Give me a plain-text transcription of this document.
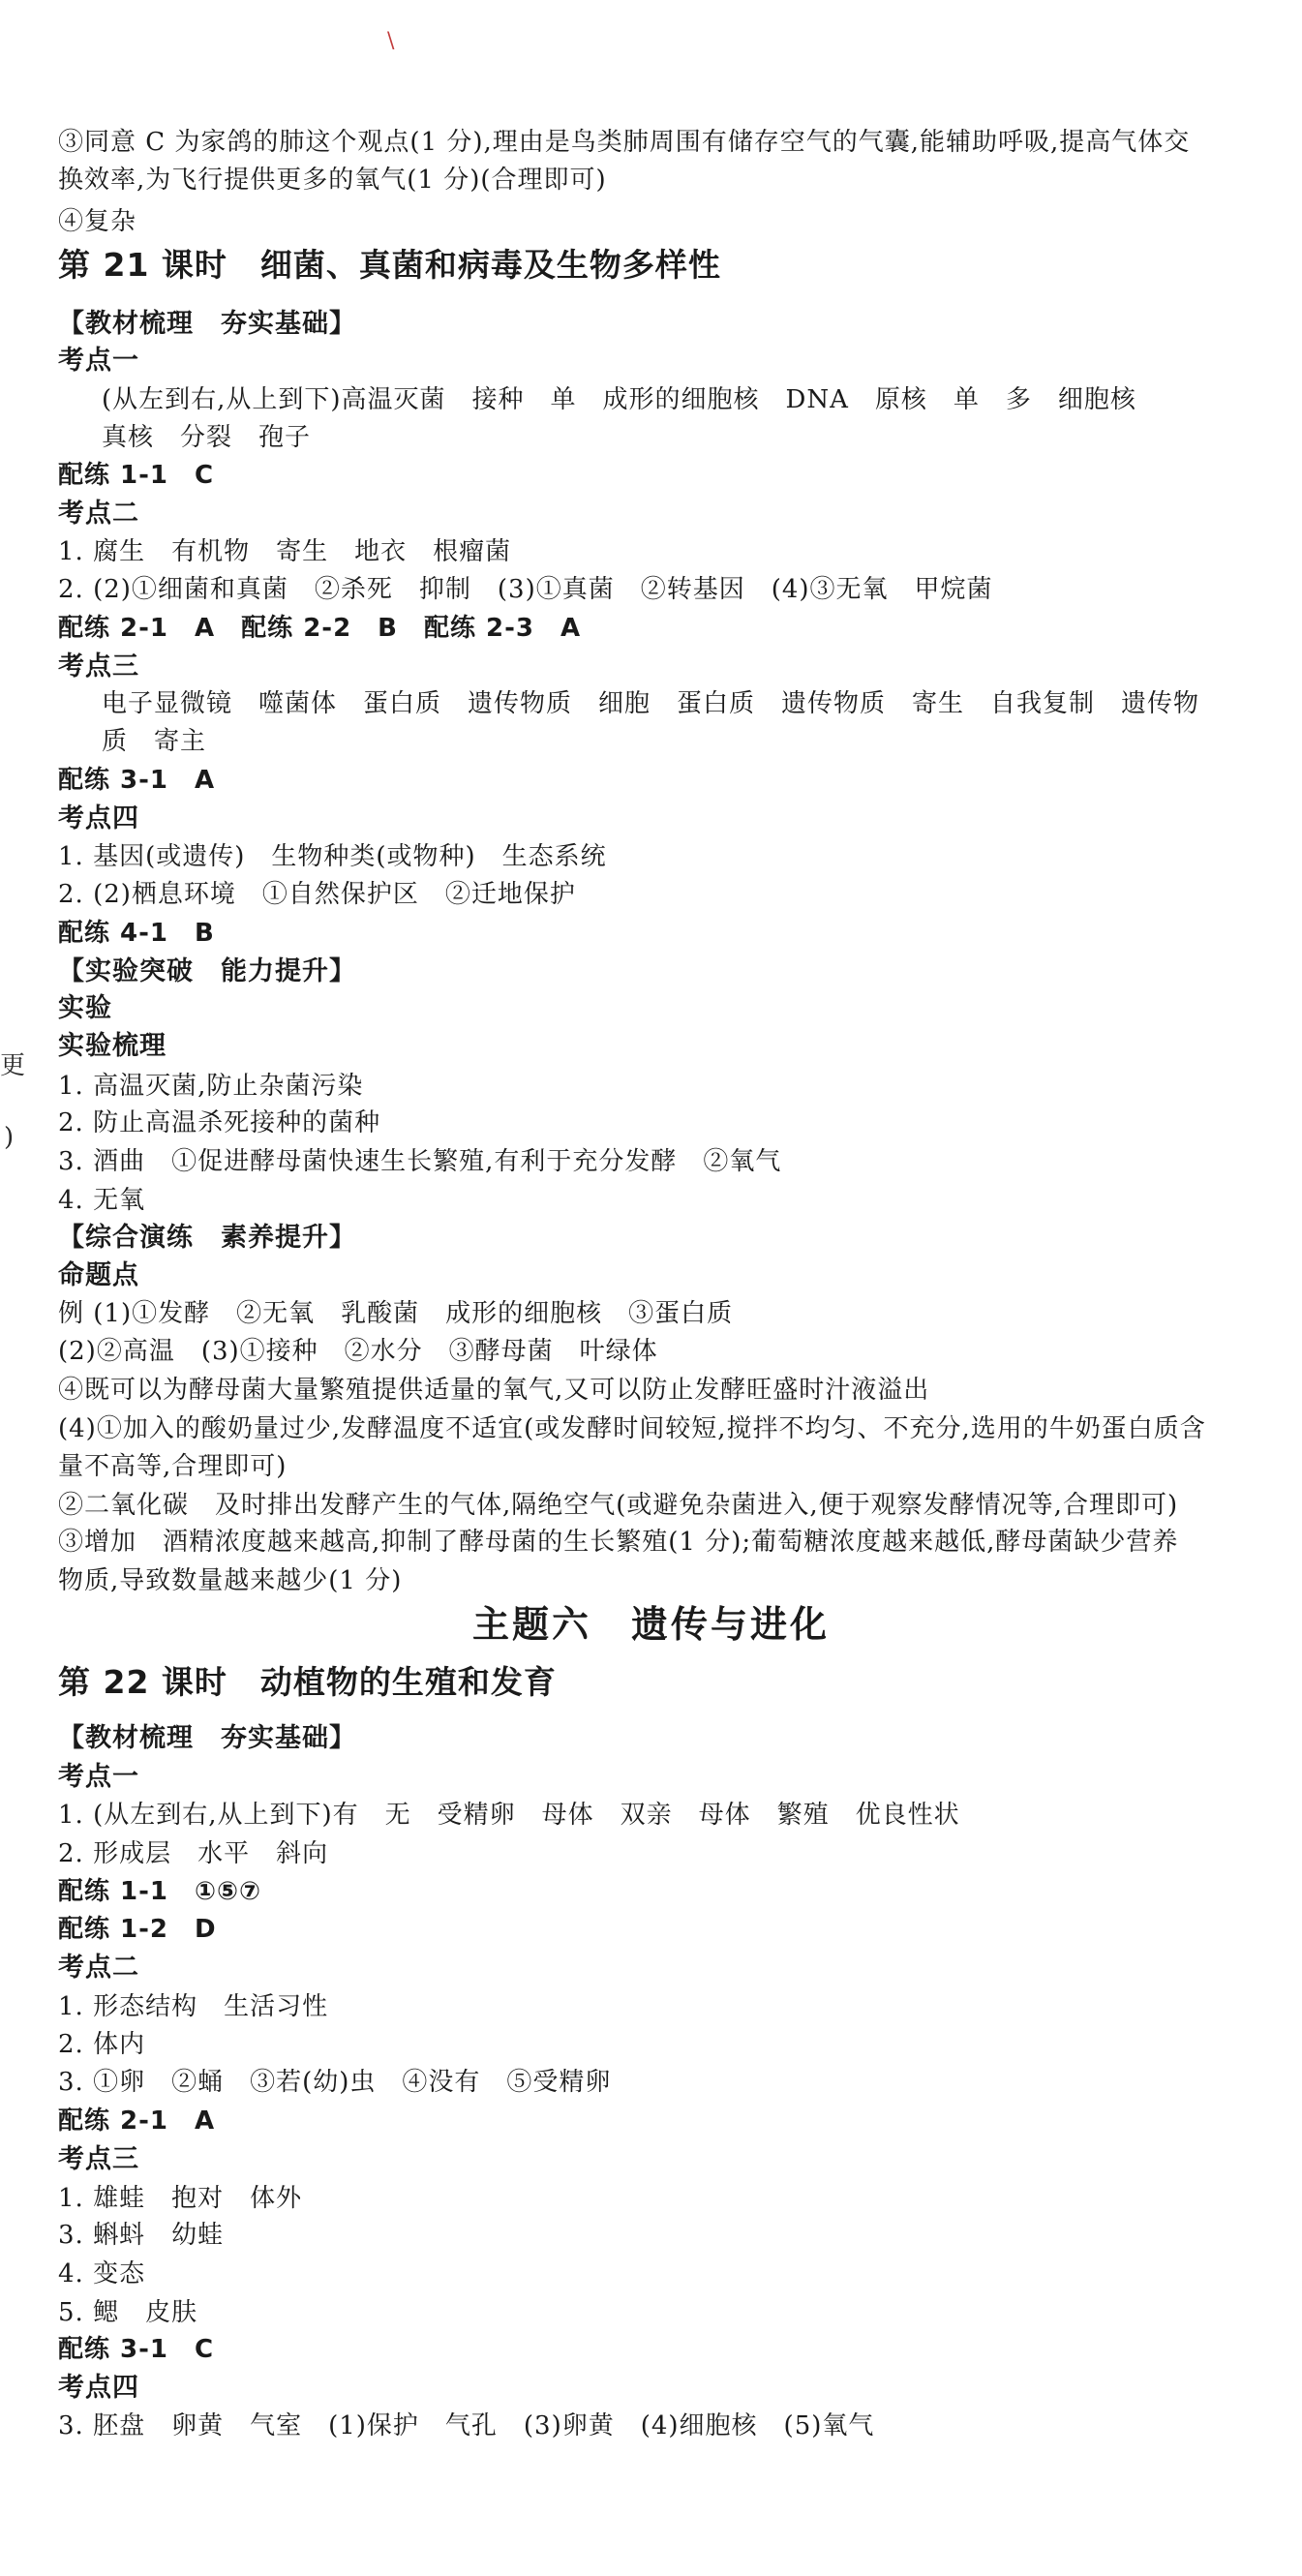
③同意 C 为家鸽的肺这个观点(1 分),理由是鸟类肺周围有储存空气的气囊,能辅助呼吸,提高气体交
换效率,为飞行提供更多的氧气(1 分)(合理即可)
④复杂
第 21 课时　细菌、真菌和病毒及生物多样性
【教材梳理　夯实基础】
考点一
(从左到右,从上到下)高温灭菌　接种　单　成形的细胞核　DNA　原核　单　多　细胞核
真核　分裂　孢子
配练 1-1　C
考点二
1. 腐生　有机物　寄生　地衣　根瘤菌
2. (2)①细菌和真菌　②杀死　抑制　(3)①真菌　②转基因　(4)③无氧　甲烷菌
配练 2-1　A　配练 2-2　B　配练 2-3　A
考点三
电子显微镜　噬菌体　蛋白质　遗传物质　细胞　蛋白质　遗传物质　寄生　自我复制　遗传物
质　寄主
配练 3-1　A
考点四
1. 基因(或遗传)　生物种类(或物种)　生态系统
2. (2)栖息环境　①自然保护区　②迁地保护
配练 4-1　B
【实验突破　能力提升】
实验
实验梳理
1. 高温灭菌,防止杂菌污染
2. 防止高温杀死接种的菌种
3. 酒曲　①促进酵母菌快速生长繁殖,有利于充分发酵　②氧气
4. 无氧
【综合演练　素养提升】
命题点
例 (1)①发酵　②无氧　乳酸菌　成形的细胞核　③蛋白质
(2)②高温　(3)①接种　②水分　③酵母菌　叶绿体
④既可以为酵母菌大量繁殖提供适量的氧气,又可以防止发酵旺盛时汁液溢出
(4)①加入的酸奶量过少,发酵温度不适宜(或发酵时间较短,搅拌不均匀、不充分,选用的牛奶蛋白质含
量不高等,合理即可)
②二氧化碳　及时排出发酵产生的气体,隔绝空气(或避免杂菌进入,便于观察发酵情况等,合理即可)
③增加　酒精浓度越来越高,抑制了酵母菌的生长繁殖(1 分);葡萄糖浓度越来越低,酵母菌缺少营养
物质,导致数量越来越少(1 分)
主题六　遗传与进化
第 22 课时　动植物的生殖和发育
【教材梳理　夯实基础】
考点一
1. (从左到右,从上到下)有　无　受精卵　母体　双亲　母体　繁殖　优良性状
2. 形成层　水平　斜向
配练 1-1　①⑤⑦
配练 1-2　D
考点二
1. 形态结构　生活习性
2. 体内
3. ①卵　②蛹　③若(幼)虫　④没有　⑤受精卵
配练 2-1　A
考点三
1. 雄蛙　抱对　体外
3. 蝌蚪　幼蛙
4. 变态
5. 鳃　皮肤
配练 3-1　C
考点四
3. 胚盘　卵黄　气室　(1)保护　气孔　(3)卵黄　(4)细胞核　(5)氧气
\
更
)
